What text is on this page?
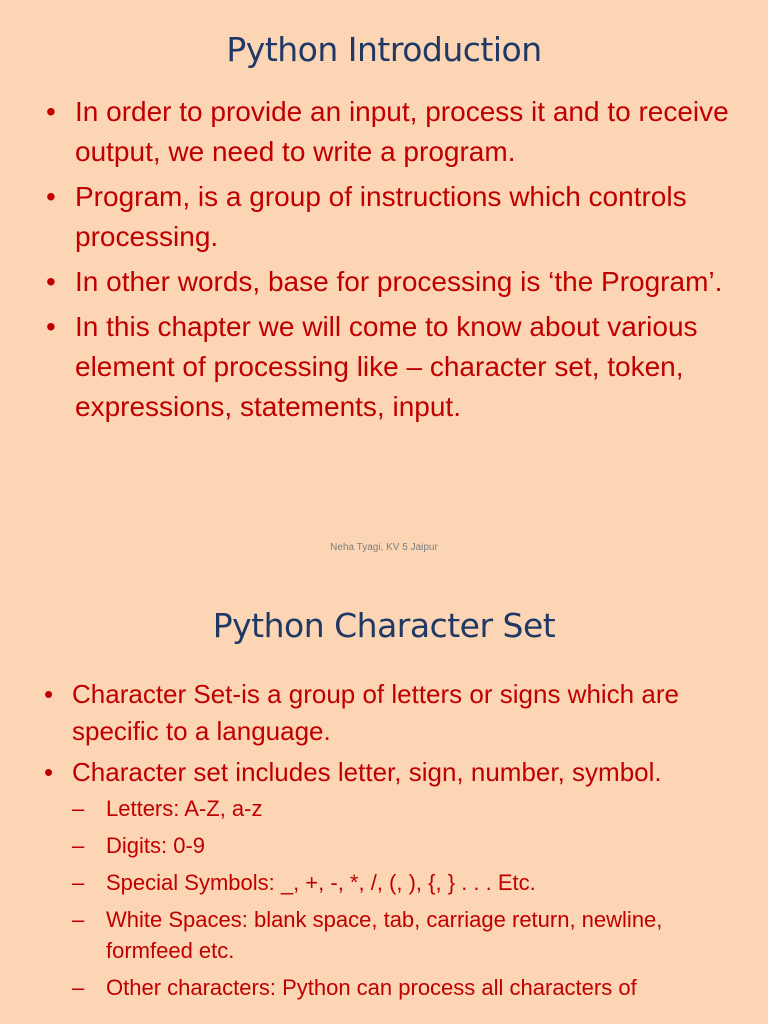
Python Introduction
• In order to provide an input, process it and to receive output, we need to write a program.
• Program, is a group of instructions which controls processing.
• In other words, base for processing is ‘the Program’.
• In this chapter we will come to know about various element of processing like – character set, token, expressions, statements, input.
Neha Tyagi, KV 5 Jaipur
Python Character Set
• Character Set-is a group of letters or signs which are specific to a language.
• Character set includes letter, sign, number, symbol.
– Letters: A-Z, a-z
– Digits: 0-9
– Special Symbols: _, +, -, *, /, (, ), {, } . . . Etc.
– White Spaces: blank space, tab, carriage return, newline, formfeed etc.
– Other characters: Python can process all characters of
